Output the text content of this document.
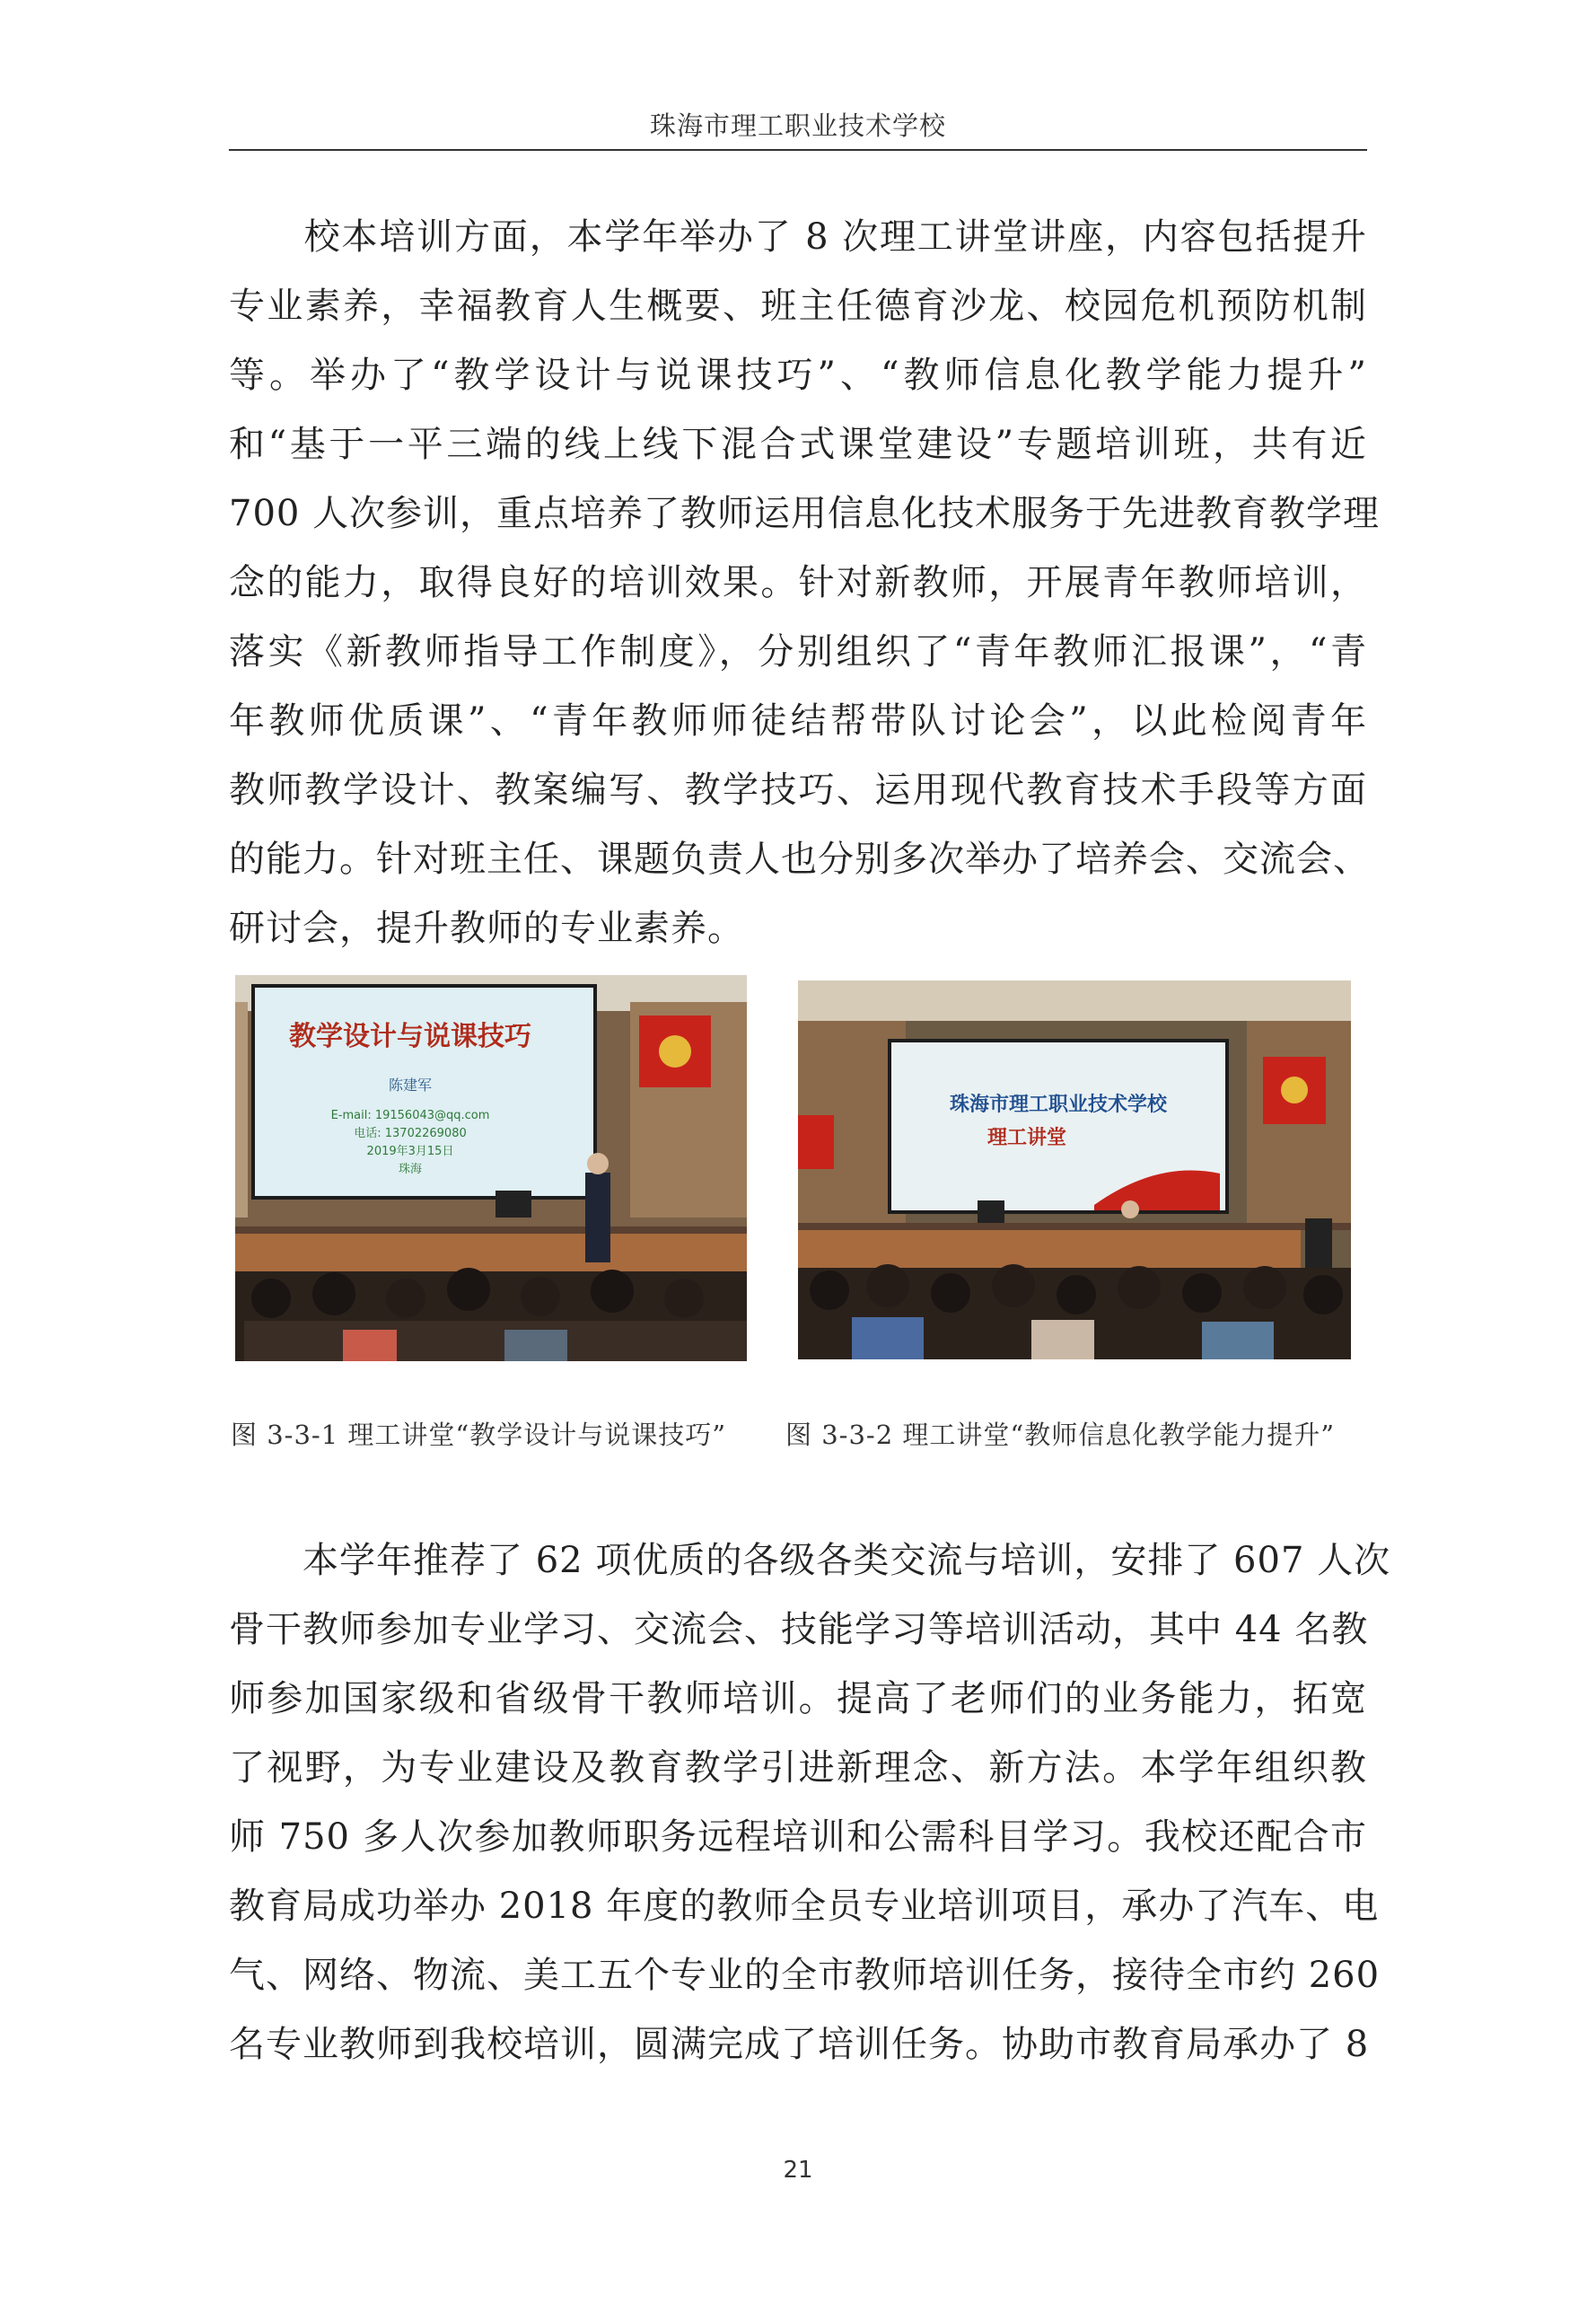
珠海市理工职业技术学校
　　校本培训方面，本学年举办了 8 次理工讲堂讲座，内容包括提升
专业素养，幸福教育人生概要、班主任德育沙龙、校园危机预防机制
等。举办了“教学设计与说课技巧”、“教师信息化教学能力提升”
和“基于一平三端的线上线下混合式课堂建设”专题培训班，共有近
700 人次参训，重点培养了教师运用信息化技术服务于先进教育教学理
念的能力，取得良好的培训效果。针对新教师，开展青年教师培训，
落实《新教师指导工作制度》，分别组织了“青年教师汇报课”，“青
年教师优质课”、“青年教师师徒结帮带队讨论会”，以此检阅青年
教师教学设计、教案编写、教学技巧、运用现代教育技术手段等方面
的能力。针对班主任、课题负责人也分别多次举办了培养会、交流会、
研讨会，提升教师的专业素养。
教学设计与说课技巧
陈建军
E-mail: 19156043@qq.com
电话: 13702269080
2019年3月15日
珠海
珠海市理工职业技术学校
理工讲堂
图 3-3-1 理工讲堂“教学设计与说课技巧” 图 3-3-2 理工讲堂“教师信息化教学能力提升”
　　本学年推荐了 62 项优质的各级各类交流与培训，安排了 607 人次
骨干教师参加专业学习、交流会、技能学习等培训活动，其中 44 名教
师参加国家级和省级骨干教师培训。提高了老师们的业务能力，拓宽
了视野，为专业建设及教育教学引进新理念、新方法。本学年组织教
师 750 多人次参加教师职务远程培训和公需科目学习。我校还配合市
教育局成功举办 2018 年度的教师全员专业培训项目，承办了汽车、电
气、网络、物流、美工五个专业的全市教师培训任务，接待全市约 260
名专业教师到我校培训，圆满完成了培训任务。协助市教育局承办了 8
21
